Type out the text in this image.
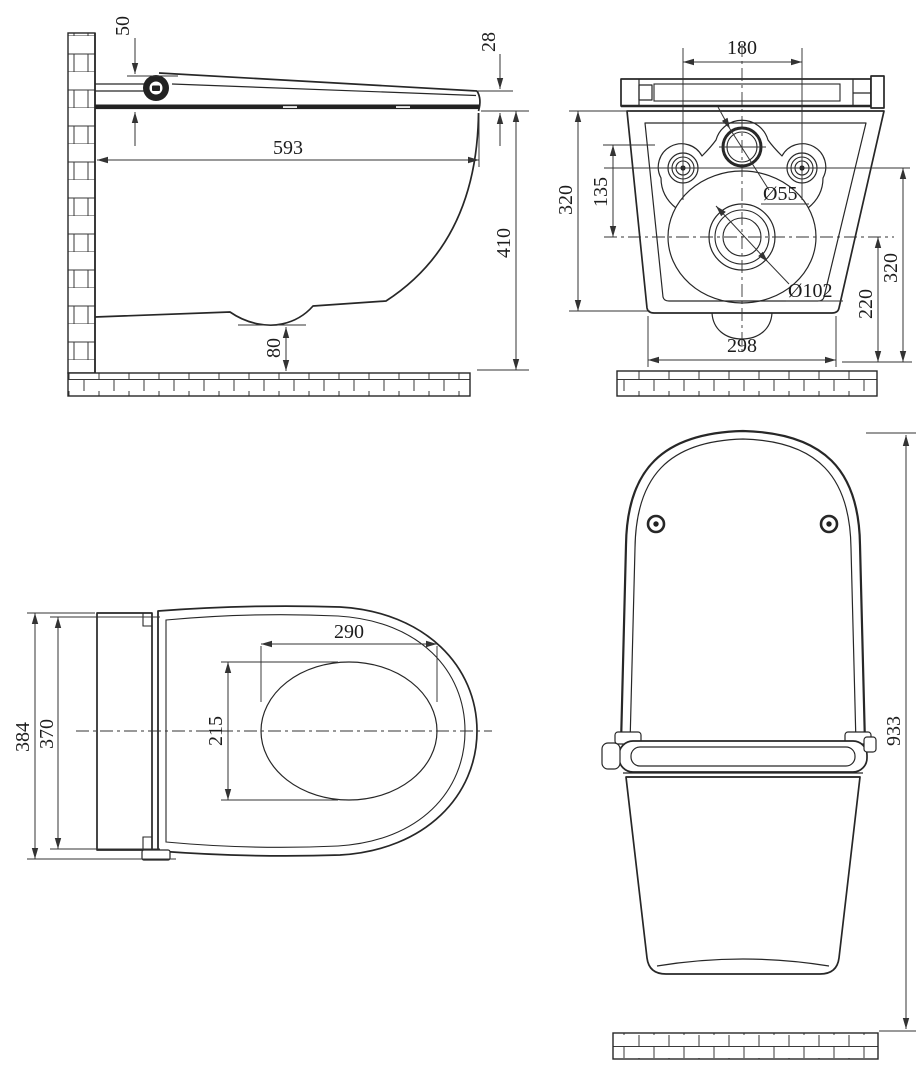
50
593
28
410
80
180
320 135
320
220
298
Ø55
Ø102
384 370
290
215	933
